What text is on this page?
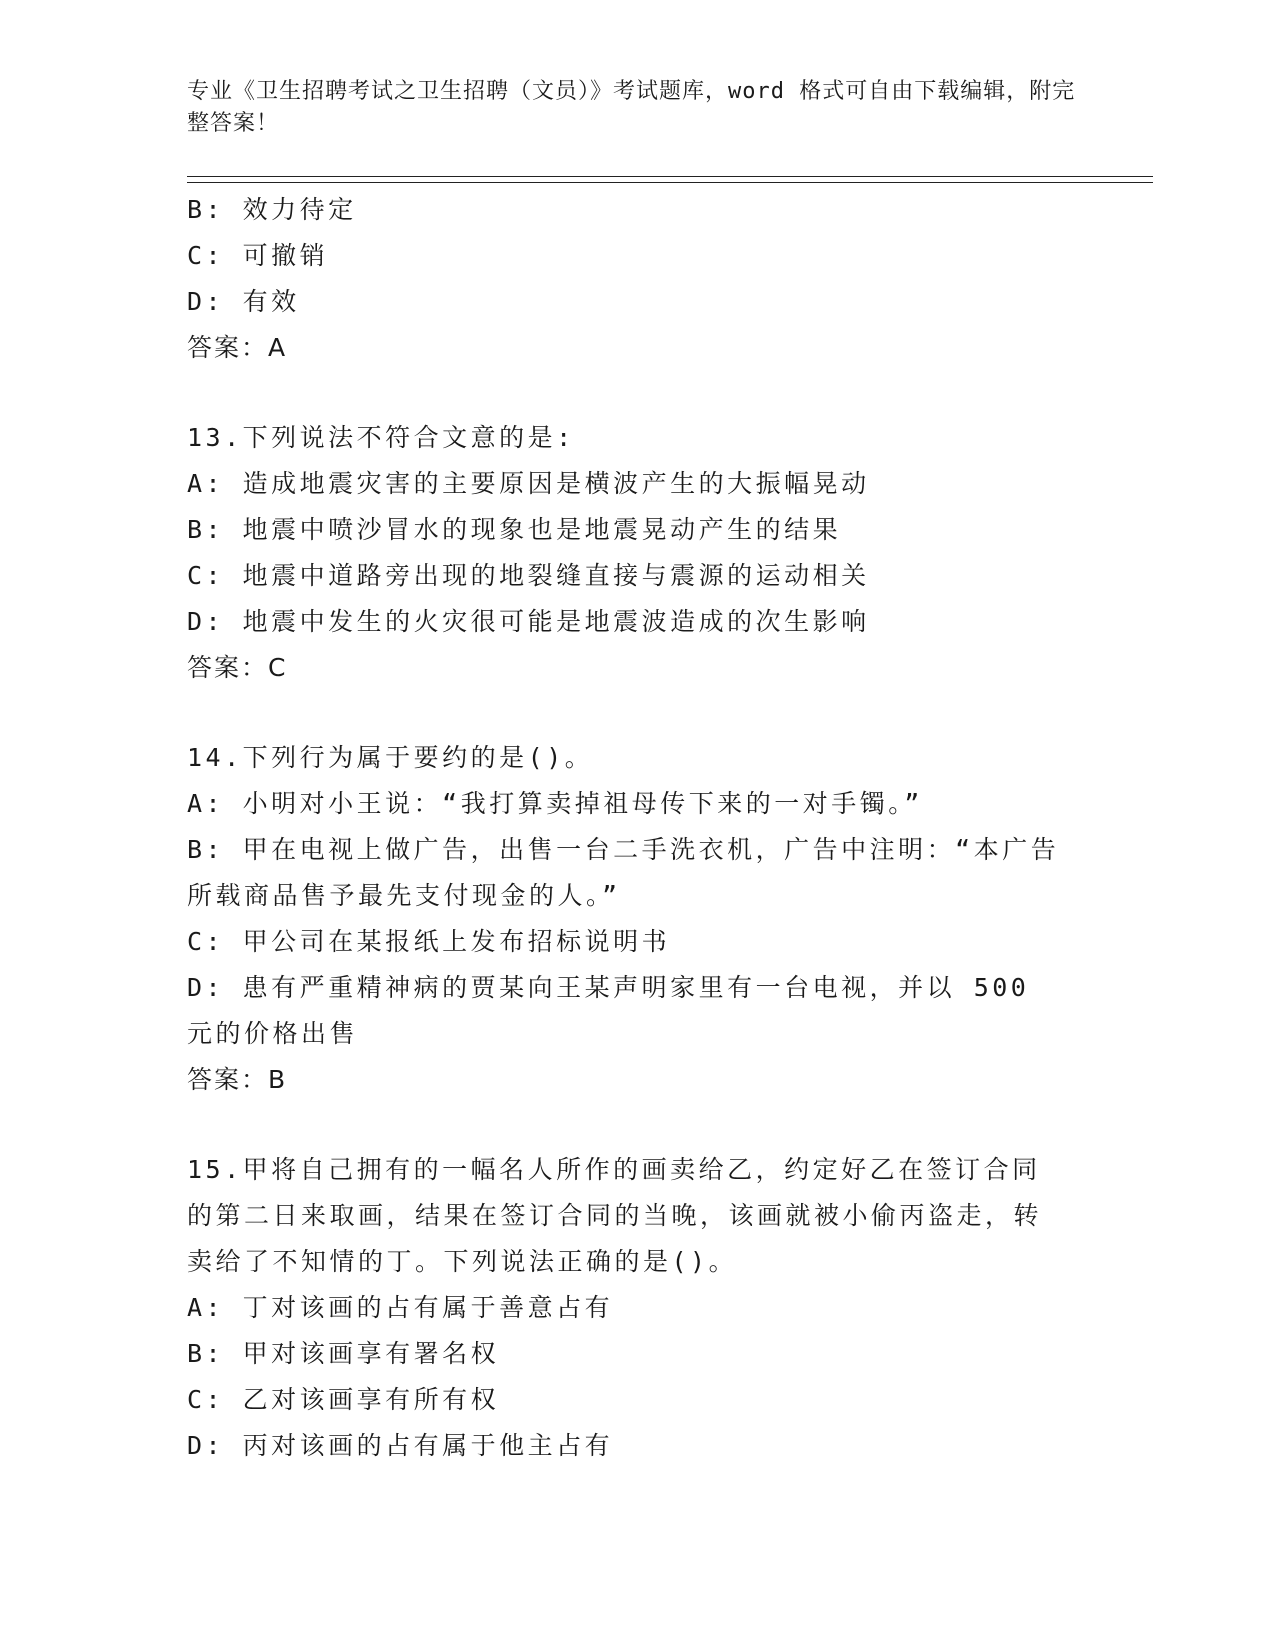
专业《卫生招聘考试之卫生招聘（文员）》考试题库，word 格式可自由下载编辑，附完整答案！
B: 效力待定
C: 可撤销
D: 有效
答案：A
13.下列说法不符合文意的是:
A: 造成地震灾害的主要原因是横波产生的大振幅晃动
B: 地震中喷沙冒水的现象也是地震晃动产生的结果
C: 地震中道路旁出现的地裂缝直接与震源的运动相关
D: 地震中发生的火灾很可能是地震波造成的次生影响
答案：C
14.下列行为属于要约的是()。
A: 小明对小王说：“我打算卖掉祖母传下来的一对手镯。”
B: 甲在电视上做广告，出售一台二手洗衣机，广告中注明：“本广告所载商品售予最先支付现金的人。”
C: 甲公司在某报纸上发布招标说明书
D: 患有严重精神病的贾某向王某声明家里有一台电视，并以 500 元的价格出售
答案：B
15.甲将自己拥有的一幅名人所作的画卖给乙，约定好乙在签订合同的第二日来取画，结果在签订合同的当晚，该画就被小偷丙盗走，转卖给了不知情的丁。下列说法正确的是()。
A: 丁对该画的占有属于善意占有
B: 甲对该画享有署名权
C: 乙对该画享有所有权
D: 丙对该画的占有属于他主占有
